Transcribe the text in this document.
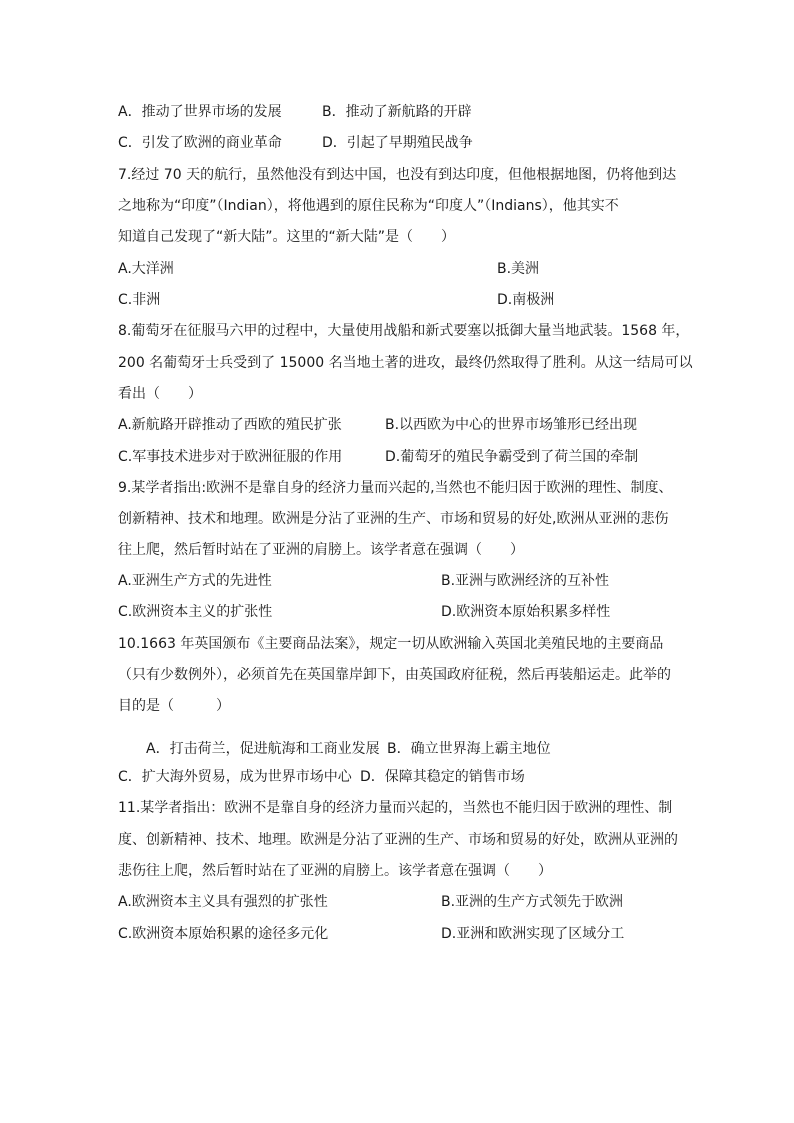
A．推动了世界市场的发展	B．推动了新航路的开辟
C．引发了欧洲的商业革命	D．引起了早期殖民战争
7.经过 70 天的航行，虽然他没有到达中国，也没有到达印度，但他根据地图，仍将他到达
之地称为“印度”（Indian），将他遇到的原住民称为“印度人”（Indians），他其实不
知道自己发现了“新大陆”。这里的“新大陆”是（　　）
A.大洋洲	B.美洲
C.非洲	D.南极洲
8.葡萄牙在征服马六甲的过程中，大量使用战船和新式要塞以抵御大量当地武装。1568 年，
200 名葡萄牙士兵受到了 15000 名当地土著的进攻，最终仍然取得了胜利。从这一结局可以
看出（　　）
A.新航路开辟推动了西欧的殖民扩张	B.以西欧为中心的世界市场雏形已经出现
C.军事技术进步对于欧洲征服的作用	D.葡萄牙的殖民争霸受到了荷兰国的牵制
9.某学者指出:欧洲不是靠自身的经济力量而兴起的,当然也不能归因于欧洲的理性、制度、
创新精神、技术和地理。欧洲是分沾了亚洲的生产、市场和贸易的好处,欧洲从亚洲的悲伤
往上爬，然后暂时站在了亚洲的肩膀上。该学者意在强调（　　）
A.亚洲生产方式的先进性	B.亚洲与欧洲经济的互补性
C.欧洲资本主义的扩张性	D.欧洲资本原始积累多样性
10.1663 年英国颁布《主要商品法案》，规定一切从欧洲输入英国北美殖民地的主要商品
（只有少数例外），必须首先在英国靠岸卸下，由英国政府征税，然后再装船运走。此举的
目的是（　　　）
A．打击荷兰，促进航海和工商业发展 B．确立世界海上霸主地位
C．扩大海外贸易，成为世界市场中心 D．保障其稳定的销售市场
11.某学者指出：欧洲不是靠自身的经济力量而兴起的，当然也不能归因于欧洲的理性、制
度、创新精神、技术、地理。欧洲是分沾了亚洲的生产、市场和贸易的好处，欧洲从亚洲的
悲伤往上爬，然后暂时站在了亚洲的肩膀上。该学者意在强调（　　）
A.欧洲资本主义具有强烈的扩张性	B.亚洲的生产方式领先于欧洲
C.欧洲资本原始积累的途径多元化	D.亚洲和欧洲实现了区域分工
